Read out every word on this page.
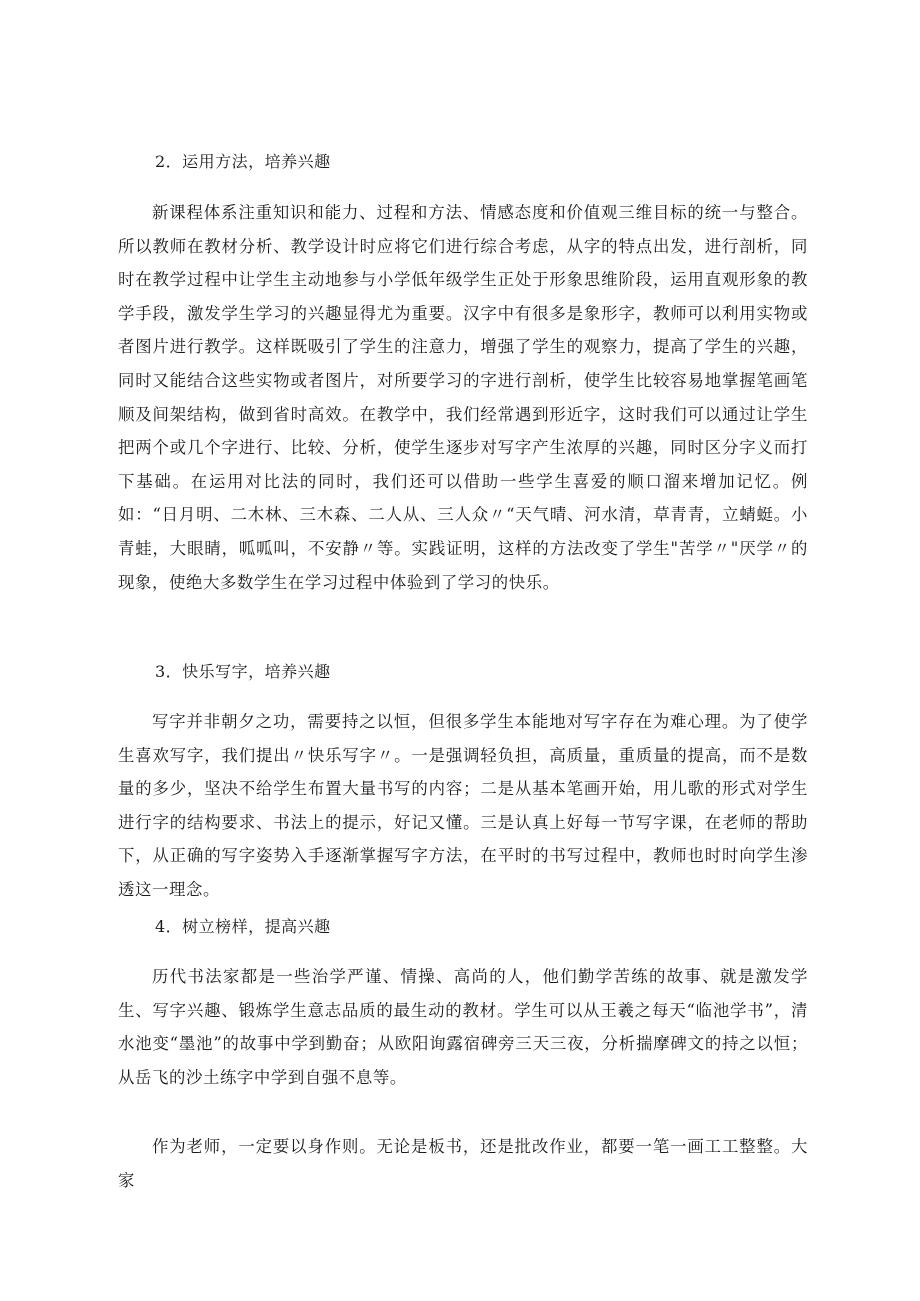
2．运用方法，培养兴趣

新课程体系注重知识和能力、过程和方法、情感态度和价值观三维目标的统一与整合。所以教师在教材分析、教学设计时应将它们进行综合考虑，从字的特点出发，进行剖析，同时在教学过程中让学生主动地参与小学低年级学生正处于形象思维阶段，运用直观形象的教学手段，激发学生学习的兴趣显得尤为重要。汉字中有很多是象形字，教师可以利用实物或者图片进行教学。这样既吸引了学生的注意力，增强了学生的观察力，提高了学生的兴趣，同时又能结合这些实物或者图片，对所要学习的字进行剖析，使学生比较容易地掌握笔画笔顺及间架结构，做到省时高效。在教学中，我们经常遇到形近字，这时我们可以通过让学生把两个或几个字进行、比较、分析，使学生逐步对写字产生浓厚的兴趣，同时区分字义而打下基础。在运用对比法的同时，我们还可以借助一些学生喜爱的顺口溜来增加记忆。例如：“日月明、二木林、三木森、二人从、三人众〃“天气晴、河水清，草青青，立蜻蜓。小青蛙，大眼睛，呱呱叫，不安静〃等。实践证明，这样的方法改变了学生"苦学〃"厌学〃的现象，使绝大多数学生在学习过程中体验到了学习的快乐。

3．快乐写字，培养兴趣

写字并非朝夕之功，需要持之以恒，但很多学生本能地对写字存在为难心理。为了使学生喜欢写字，我们提出〃快乐写字〃。一是强调轻负担，高质量，重质量的提高，而不是数量的多少，坚决不给学生布置大量书写的内容；二是从基本笔画开始，用儿歌的形式对学生进行字的结构要求、书法上的提示，好记又懂。三是认真上好每一节写字课，在老师的帮助下，从正确的写字姿势入手逐渐掌握写字方法，在平时的书写过程中，教师也时时向学生渗透这一理念。

4．树立榜样，提高兴趣

历代书法家都是一些治学严谨、情操、高尚的人，他们勤学苦练的故事、就是激发学生、写字兴趣、锻炼学生意志品质的最生动的教材。学生可以从王羲之每天“临池学书”，清水池变“墨池”的故事中学到勤奋；从欧阳询露宿碑旁三天三夜，分析揣摩碑文的持之以恒；从岳飞的沙土练字中学到自强不息等。

作为老师，一定要以身作则。无论是板书，还是批改作业，都要一笔一画工工整整。大家
